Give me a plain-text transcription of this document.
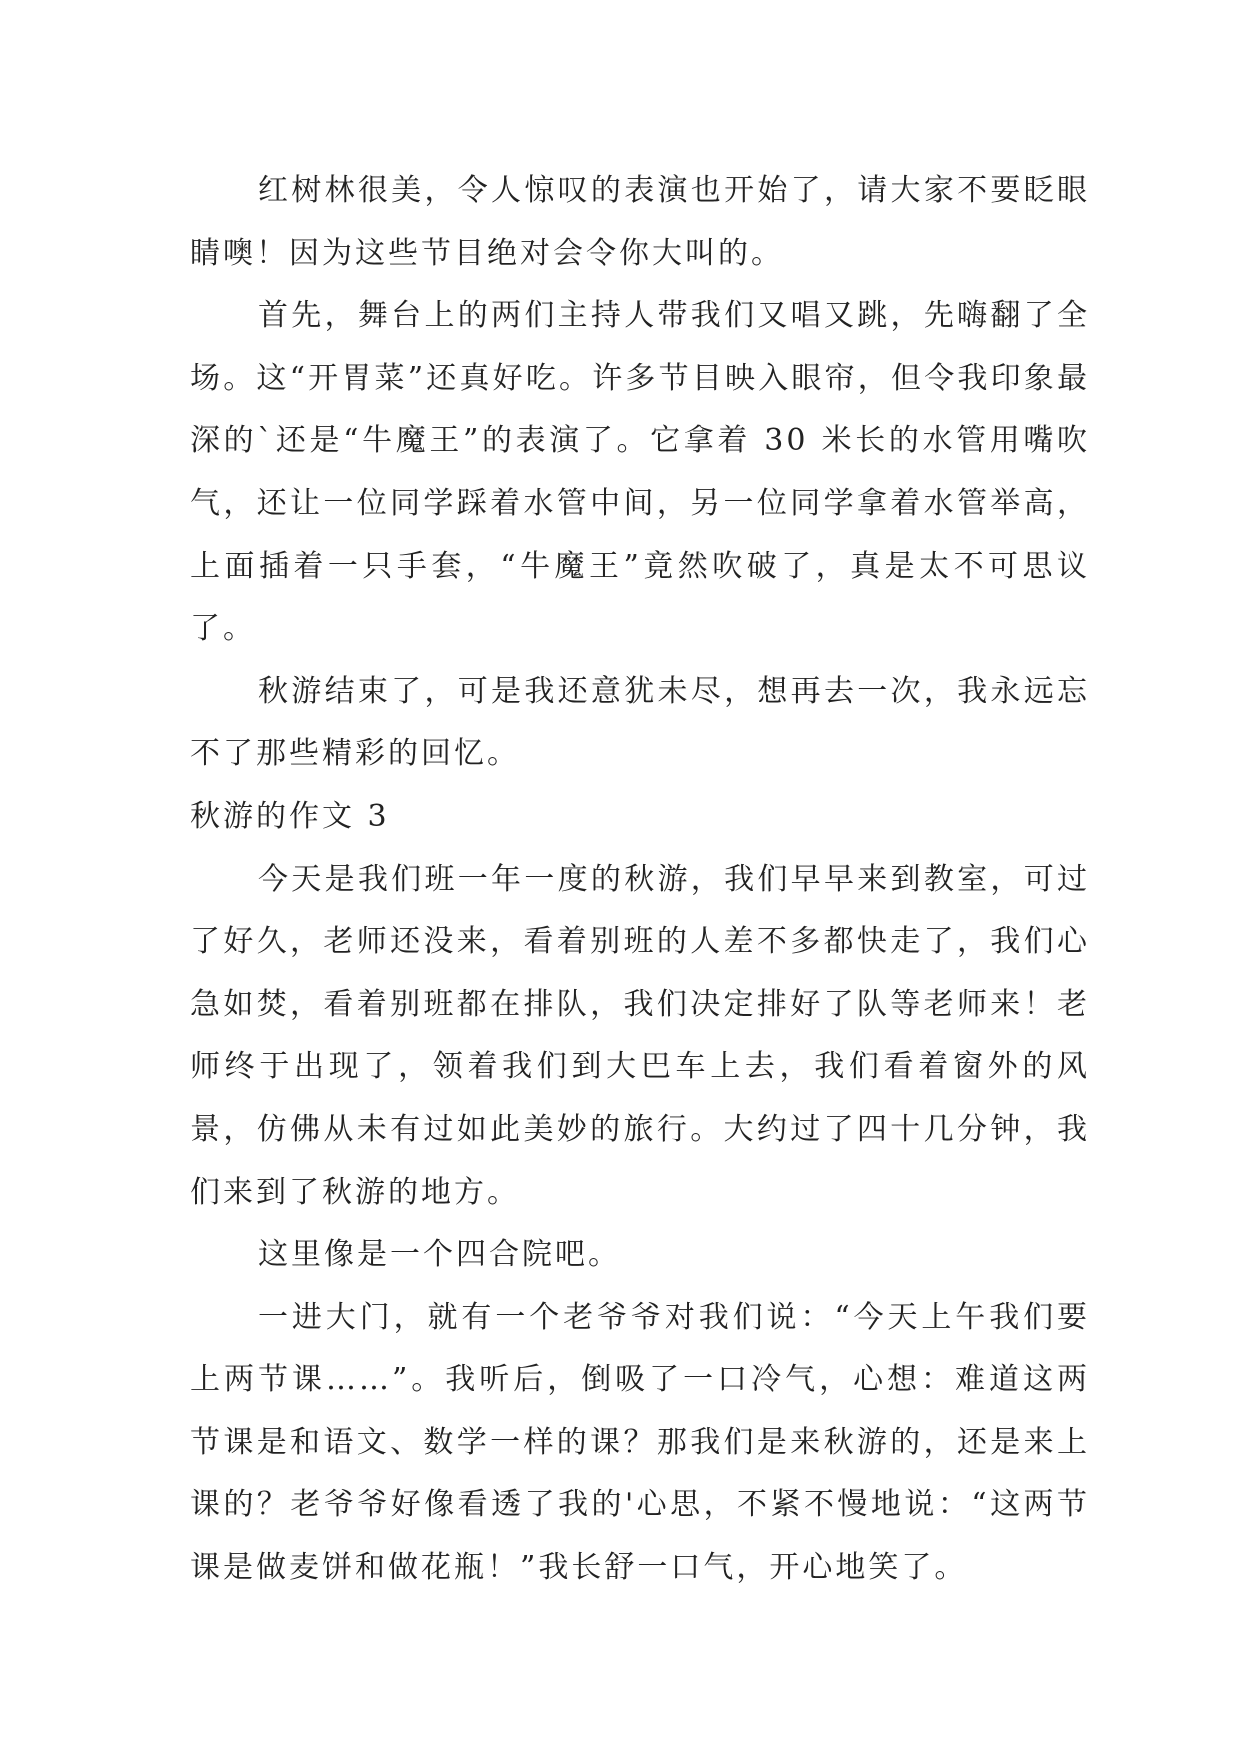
红树林很美，令人惊叹的表演也开始了，请大家不要眨眼睛噢！因为这些节目绝对会令你大叫的。

首先，舞台上的两们主持人带我们又唱又跳，先嗨翻了全场。这“开胃菜”还真好吃。许多节目映入眼帘，但令我印象最深的`还是“牛魔王”的表演了。它拿着 30 米长的水管用嘴吹气，还让一位同学踩着水管中间，另一位同学拿着水管举高，上面插着一只手套，“牛魔王”竟然吹破了，真是太不可思议了。

秋游结束了，可是我还意犹未尽，想再去一次，我永远忘不了那些精彩的回忆。

秋游的作文 3

今天是我们班一年一度的秋游，我们早早来到教室，可过了好久，老师还没来，看着别班的人差不多都快走了，我们心急如焚，看着别班都在排队，我们决定排好了队等老师来！老师终于出现了，领着我们到大巴车上去，我们看着窗外的风景，仿佛从未有过如此美妙的旅行。大约过了四十几分钟，我们来到了秋游的地方。

这里像是一个四合院吧。

一进大门，就有一个老爷爷对我们说：“今天上午我们要上两节课……”。我听后，倒吸了一口冷气，心想：难道这两节课是和语文、数学一样的课？那我们是来秋游的，还是来上课的？老爷爷好像看透了我的'心思，不紧不慢地说：“这两节课是做麦饼和做花瓶！”我长舒一口气，开心地笑了。
